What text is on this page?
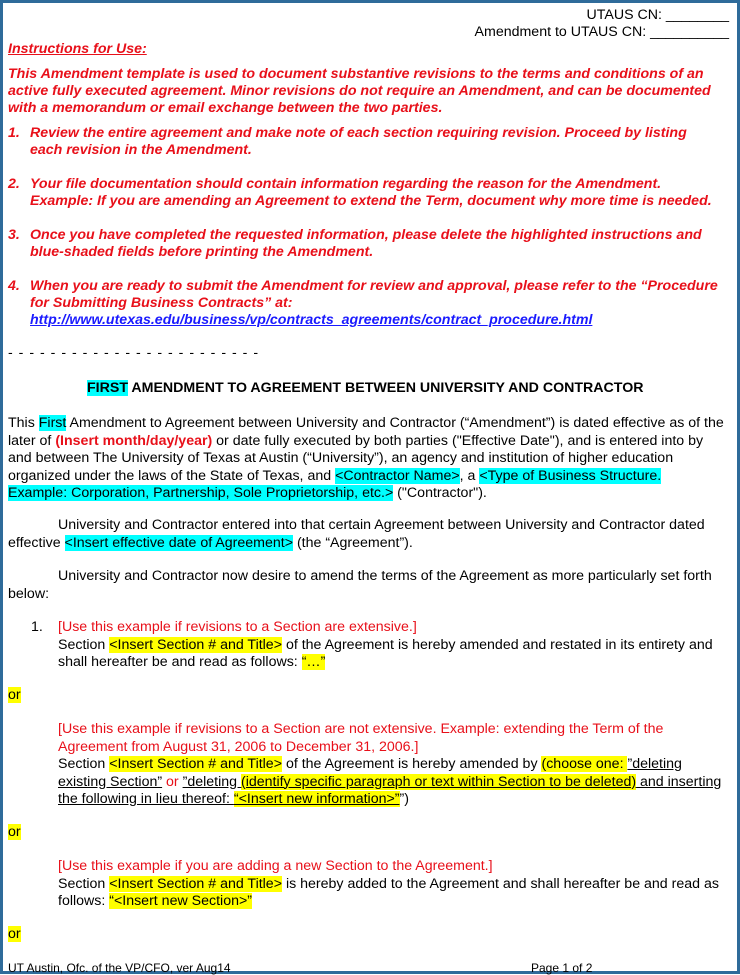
UTAUS CN: ________
Amendment to UTAUS CN: __________
Instructions for Use:
This Amendment template is used to document substantive revisions to the terms and conditions of an
active fully executed agreement. Minor revisions do not require an Amendment, and can be documented
with a memorandum or email exchange between the two parties.
1. Review the entire agreement and make note of each section requiring revision. Proceed by listing
each revision in the Amendment.
2. Your file documentation should contain information regarding the reason for the Amendment.
Example: If you are amending an Agreement to extend the Term, document why more time is needed.
3. Once you have completed the requested information, please delete the highlighted instructions and
blue-shaded fields before printing the Amendment.
4. When you are ready to submit the Amendment for review and approval, please refer to the “Procedure
for Submitting Business Contracts” at:
http://www.utexas.edu/business/vp/contracts_agreements/contract_procedure.html
- - - - - - - - - - - - - - - - - - - - - - - -
FIRST AMENDMENT TO AGREEMENT BETWEEN UNIVERSITY AND CONTRACTOR
This First Amendment to Agreement between University and Contractor (“Amendment”) is dated effective as of the
later of (Insert month/day/year) or date fully executed by both parties ("Effective Date"), and is entered into by
and between The University of Texas at Austin (“University”), an agency and institution of higher education
organized under the laws of the State of Texas, and <Contractor Name>, a <Type of Business Structure.
Example: Corporation, Partnership, Sole Proprietorship, etc.> ("Contractor").
University and Contractor entered into that certain Agreement between University and Contractor dated
effective <Insert effective date of Agreement> (the “Agreement”).
University and Contractor now desire to amend the terms of the Agreement as more particularly set forth
below:
1. [Use this example if revisions to a Section are extensive.]
Section <Insert Section # and Title> of the Agreement is hereby amended and restated in its entirety and
shall hereafter be and read as follows: “…”
or
[Use this example if revisions to a Section are not extensive. Example: extending the Term of the
Agreement from August 31, 2006 to December 31, 2006.]
Section <Insert Section # and Title> of the Agreement is hereby amended by (choose one: ”deleting
existing Section” or ”deleting (identify specific paragraph or text within Section to be deleted) and inserting
the following in lieu thereof: “<Insert new information>””)
or
[Use this example if you are adding a new Section to the Agreement.]
Section <Insert Section # and Title> is hereby added to the Agreement and shall hereafter be and read as
follows: “<Insert new Section>”
or
UT Austin, Ofc. of the VP/CFO, ver Aug14	Page 1 of 2
